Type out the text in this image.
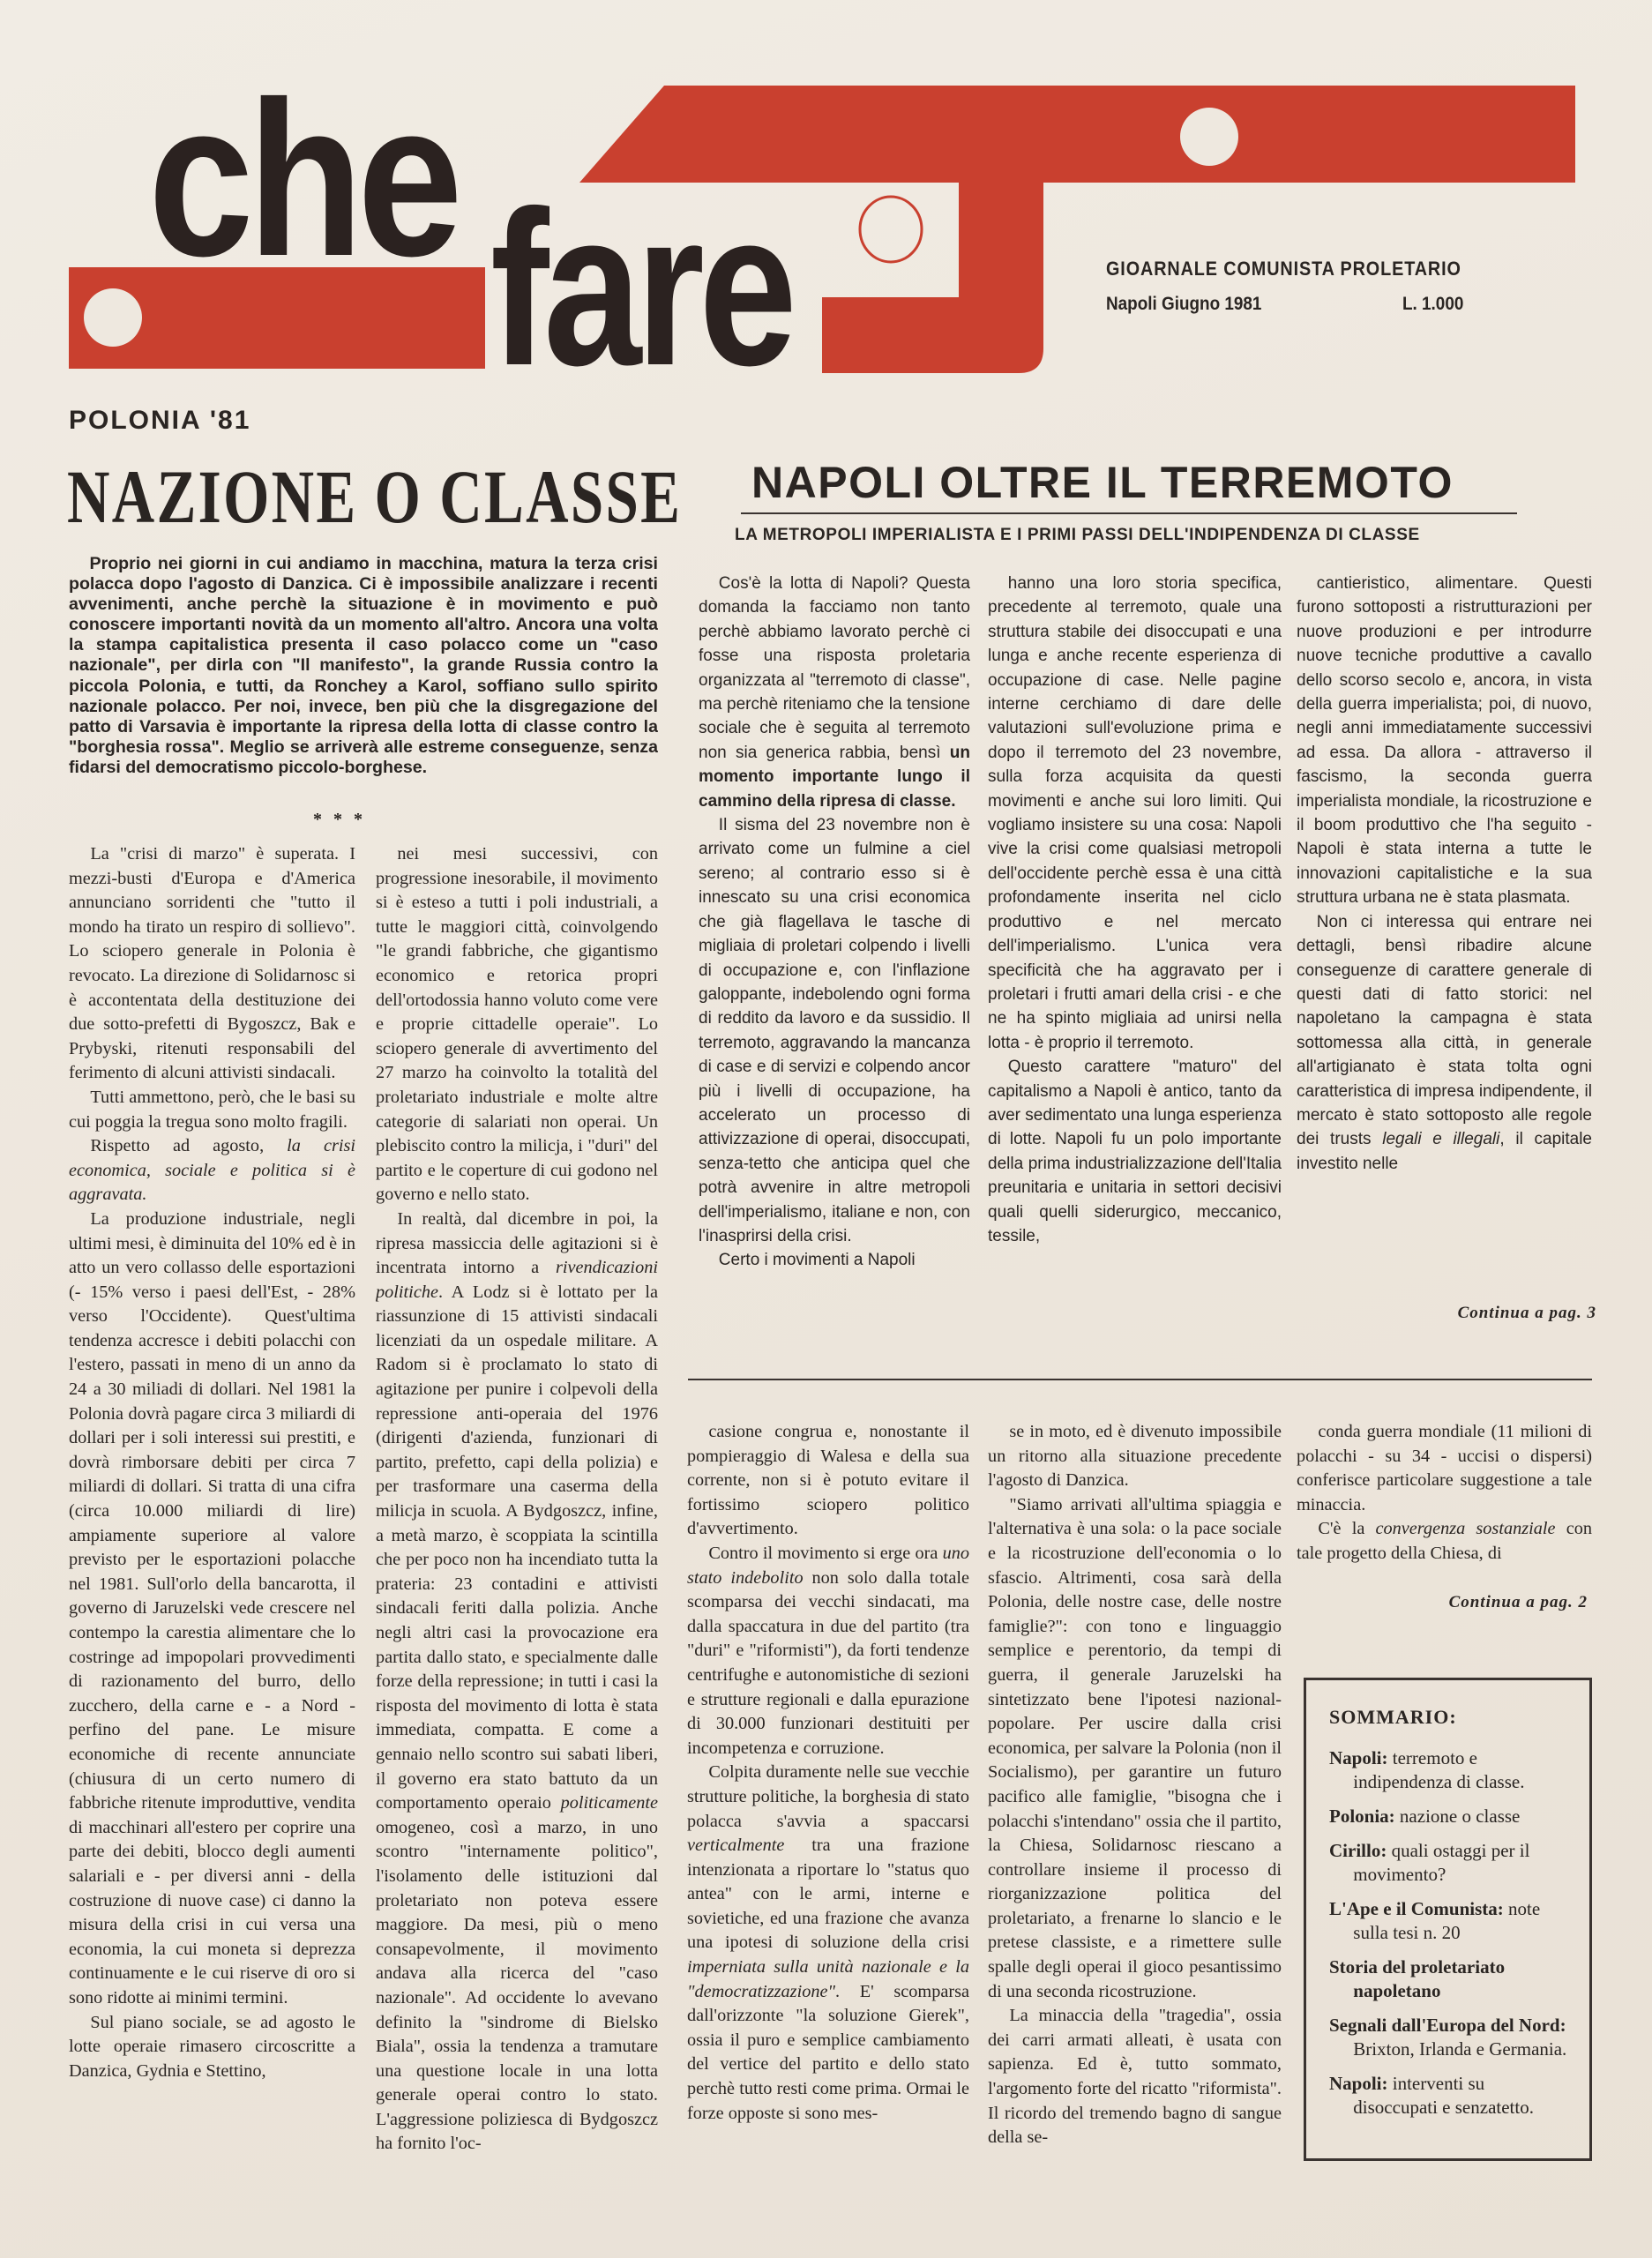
che fare	GIOARNALE COMUNISTA PROLETARIO
Napoli Giugno 1981	L. 1.000
POLONIA '81
NAZIONE O CLASSE

Proprio nei giorni in cui andiamo in macchina, matura la terza crisi polacca dopo l'agosto di Danzica. Ci è impossibile analizzare i recenti avvenimenti, anche perchè la situazione è in movimento e può conoscere importanti novità da un momento all'altro. Ancora una volta la stampa capitalistica presenta il caso polacco come un "caso nazionale", per dirla con "Il manifesto", la grande Russia contro la piccola Polonia, e tutti, da Ronchey a Karol, soffiano sullo spirito nazionale polacco. Per noi, invece, ben più che la disgregazione del patto di Varsavia è importante la ripresa della lotta di classe contro la "borghesia rossa". Meglio se arriverà alle estreme conseguenze, senza fidarsi del democratismo piccolo-borghese.

* * *

La "crisi di marzo" è superata. I mezzi-busti d'Europa e d'America annunciano sorridenti che "tutto il mondo ha tirato un respiro di sollievo". Lo sciopero generale in Polonia è revocato. La direzione di Solidarnosc si è accontentata della destituzione dei due sotto-prefetti di Bygoszcz, Bak e Prybyski, ritenuti responsabili del ferimento di alcuni attivisti sindacali.

Tutti ammettono, però, che le basi su cui poggia la tregua sono molto fragili.

Rispetto ad agosto, la crisi economica, sociale e politica si è aggravata.

La produzione industriale, negli ultimi mesi, è diminuita del 10% ed è in atto un vero collasso delle esportazioni (- 15% verso i paesi dell'Est, - 28% verso l'Occidente). Quest'ultima tendenza accresce i debiti polacchi con l'estero, passati in meno di un anno da 24 a 30 miliadi di dollari. Nel 1981 la Polonia dovrà pagare circa 3 miliardi di dollari per i soli interessi sui prestiti, e dovrà rimborsare debiti per circa 7 miliardi di dollari. Si tratta di una cifra (circa 10.000 miliardi di lire) ampiamente superiore al valore previsto per le esportazioni polacche nel 1981. Sull'orlo della bancarotta, il governo di Jaruzelski vede crescere nel contempo la carestia alimentare che lo costringe ad impopolari provvedimenti di razionamento del burro, dello zucchero, della carne e - a Nord - perfino del pane. Le misure economiche di recente annunciate (chiusura di un certo numero di fabbriche ritenute improduttive, vendita di macchinari all'estero per coprire una parte dei debiti, blocco degli aumenti salariali e - per diversi anni - della costruzione di nuove case) ci danno la misura della crisi in cui versa una economia, la cui moneta si deprezza continuamente e le cui riserve di oro si sono ridotte ai minimi termini.

Sul piano sociale, se ad agosto le lotte operaie rimasero circoscritte a Danzica, Gydnia e Stettino,

nei mesi successivi, con progressione inesorabile, il movimento si è esteso a tutti i poli industriali, a tutte le maggiori città, coinvolgendo "le grandi fabbriche, che gigantismo economico e retorica propri dell'ortodossia hanno voluto come vere e proprie cittadelle operaie". Lo sciopero generale di avvertimento del 27 marzo ha coinvolto la totalità del proletariato industriale e molte altre categorie di salariati non operai. Un plebiscito contro la milicja, i "duri" del partito e le coperture di cui godono nel governo e nello stato.

In realtà, dal dicembre in poi, la ripresa massiccia delle agitazioni si è incentrata intorno a rivendicazioni politiche. A Lodz si è lottato per la riassunzione di 15 attivisti sindacali licenziati da un ospedale militare. A Radom si è proclamato lo stato di agitazione per punire i colpevoli della repressione anti-operaia del 1976 (dirigenti d'azienda, funzionari di partito, prefetto, capi della polizia) e per trasformare una caserma della milicja in scuola. A Bydgoszcz, infine, a metà marzo, è scoppiata la scintilla che per poco non ha incendiato tutta la prateria: 23 contadini e attivisti sindacali feriti dalla polizia. Anche negli altri casi la provocazione era partita dallo stato, e specialmente dalle forze della repressione; in tutti i casi la risposta del movimento di lotta è stata immediata, compatta. E come a gennaio nello scontro sui sabati liberi, il governo era stato battuto da un comportamento operaio politicamente omogeneo, così a marzo, in uno scontro "internamente politico", l'isolamento delle istituzioni dal proletariato non poteva essere maggiore. Da mesi, più o meno consapevolmente, il movimento andava alla ricerca del "caso nazionale". Ad occidente lo avevano definito la "sindrome di Bielsko Biala", ossia la tendenza a tramutare una questione locale in una lotta generale operai contro lo stato. L'aggressione poliziesca di Bydgoszcz ha fornito l'oc-

NAPOLI OLTRE IL TERREMOTO
LA METROPOLI IMPERIALISTA E I PRIMI PASSI DELL'INDIPENDENZA DI CLASSE

Cos'è la lotta di Napoli? Questa domanda la facciamo non tanto perchè abbiamo lavorato perchè ci fosse una risposta proletaria organizzata al "terremoto di classe", ma perchè riteniamo che la tensione sociale che è seguita al terremoto non sia generica rabbia, bensì un momento importante lungo il cammino della ripresa di classe.

Il sisma del 23 novembre non è arrivato come un fulmine a ciel sereno; al contrario esso si è innescato su una crisi economica che già flagellava le tasche di migliaia di proletari colpendo i livelli di occupazione e, con l'inflazione galoppante, indebolendo ogni forma di reddito da lavoro e da sussidio. Il terremoto, aggravando la mancanza di case e di servizi e colpendo ancor più i livelli di occupazione, ha accelerato un processo di attivizzazione di operai, disoccupati, senza-tetto che anticipa quel che potrà avvenire in altre metropoli dell'imperialismo, italiane e non, con l'inasprirsi della crisi.

Certo i movimenti a Napoli

hanno una loro storia specifica, precedente al terremoto, quale una struttura stabile dei disoccupati e una lunga e anche recente esperienza di occupazione di case. Nelle pagine interne cerchiamo di dare delle valutazioni sull'evoluzione prima e dopo il terremoto del 23 novembre, sulla forza acquisita da questi movimenti e anche sui loro limiti. Qui vogliamo insistere su una cosa: Napoli vive la crisi come qualsiasi metropoli dell'occidente perchè essa è una città profondamente inserita nel ciclo produttivo e nel mercato dell'imperialismo. L'unica vera specificità che ha aggravato per i proletari i frutti amari della crisi - e che ne ha spinto migliaia ad unirsi nella lotta - è proprio il terremoto.

Questo carattere "maturo" del capitalismo a Napoli è antico, tanto da aver sedimentato una lunga esperienza di lotte. Napoli fu un polo importante della prima industrializzazione dell'Italia preunitaria e unitaria in settori decisivi quali quelli siderurgico, meccanico, tessile,

cantieristico, alimentare. Questi furono sottoposti a ristrutturazioni per nuove produzioni e per introdurre nuove tecniche produttive a cavallo dello scorso secolo e, ancora, in vista della guerra imperialista; poi, di nuovo, negli anni immediatamente successivi ad essa. Da allora - attraverso il fascismo, la seconda guerra imperialista mondiale, la ricostruzione e il boom produttivo che l'ha seguito - Napoli è stata interna a tutte le innovazioni capitalistiche e la sua struttura urbana ne è stata plasmata.

Non ci interessa qui entrare nei dettagli, bensì ribadire alcune conseguenze di carattere generale di questi dati di fatto storici: nel napoletano la campagna è stata sottomessa alla città, in generale all'artigianato è stata tolta ogni caratteristica di impresa indipendente, il mercato è stato sottoposto alle regole dei trusts legali e illegali, il capitale investito nelle

Continua a pag. 3

casione congrua e, nonostante il pompieraggio di Walesa e della sua corrente, non si è potuto evitare il fortissimo sciopero politico d'avvertimento.

Contro il movimento si erge ora uno stato indebolito non solo dalla totale scomparsa dei vecchi sindacati, ma dalla spaccatura in due del partito (tra "duri" e "riformisti"), da forti tendenze centrifughe e autonomistiche di sezioni e strutture regionali e dalla epurazione di 30.000 funzionari destituiti per incompetenza e corruzione.

Colpita duramente nelle sue vecchie strutture politiche, la borghesia di stato polacca s'avvia a spaccarsi verticalmente tra una frazione intenzionata a riportare lo "status quo antea" con le armi, interne e sovietiche, ed una frazione che avanza una ipotesi di soluzione della crisi imperniata sulla unità nazionale e la "democratizzazione". E' scomparsa dall'orizzonte "la soluzione Gierek", ossia il puro e semplice cambiamento del vertice del partito e dello stato perchè tutto resti come prima. Ormai le forze opposte si sono mes-

se in moto, ed è divenuto impossibile un ritorno alla situazione precedente l'agosto di Danzica.

"Siamo arrivati all'ultima spiaggia e l'alternativa è una sola: o la pace sociale e la ricostruzione dell'economia o lo sfascio. Altrimenti, cosa sarà della Polonia, delle nostre case, delle nostre famiglie?": con tono e linguaggio semplice e perentorio, da tempi di guerra, il generale Jaruzelski ha sintetizzato bene l'ipotesi nazional-popolare. Per uscire dalla crisi economica, per salvare la Polonia (non il Socialismo), per garantire un futuro pacifico alle famiglie, "bisogna che i polacchi s'intendano" ossia che il partito, la Chiesa, Solidarnosc riescano a controllare insieme il processo di riorganizzazione politica del proletariato, a frenarne lo slancio e le pretese classiste, e a rimettere sulle spalle degli operai il gioco pesantissimo di una seconda ricostruzione.

La minaccia della "tragedia", ossia dei carri armati alleati, è usata con sapienza. Ed è, tutto sommato, l'argomento forte del ricatto "riformista". Il ricordo del tremendo bagno di sangue della se-

conda guerra mondiale (11 milioni di polacchi - su 34 - uccisi o dispersi) conferisce particolare suggestione a tale minaccia.

C'è la convergenza sostanziale con tale progetto della Chiesa, di

Continua a pag. 2
SOMMARIO:
Napoli: terremoto e indipendenza di classe.
Polonia: nazione o classe
Cirillo: quali ostaggi per il movimento?
L'Ape e il Comunista: note sulla tesi n. 20
Storia del proletariato napoletano
Segnali dall'Europa del Nord: Brixton, Irlanda e Germania.
Napoli: interventi su disoccupati e senzatetto.
